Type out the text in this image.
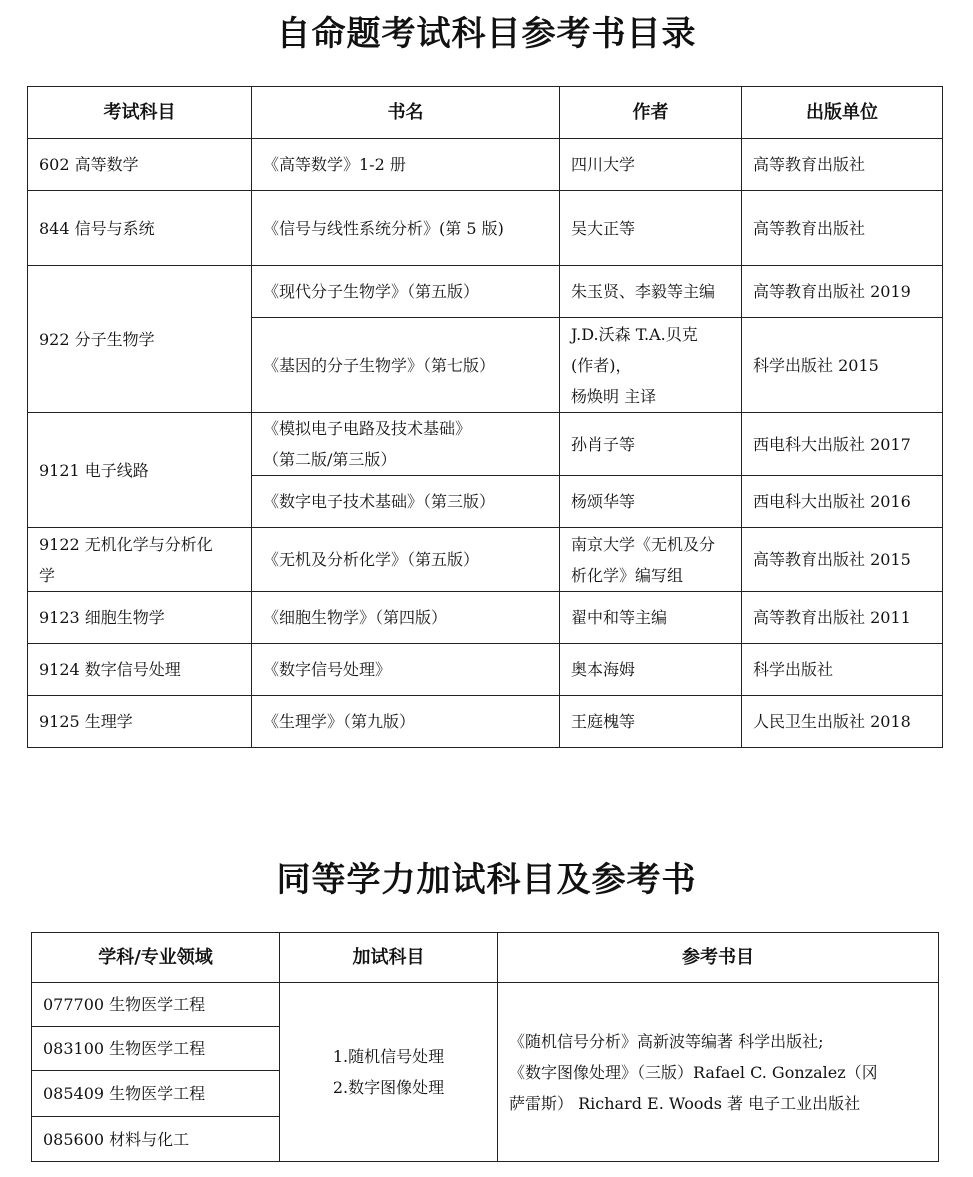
自命题考试科目参考书目录
考试科目	书名	作者	出版单位
602 高等数学	《高等数学》1-2 册	四川大学	高等教育出版社
844 信号与系统	《信号与线性系统分析》(第 5 版)	吴大正等	高等教育出版社
922 分子生物学	《现代分子生物学》（第五版）	朱玉贤、李毅等主编	高等教育出版社 2019
	《基因的分子生物学》（第七版）	J.D.沃森 T.A.贝克
(作者)，
杨焕明 主译	科学出版社 2015
9121 电子线路	《模拟电子电路及技术基础》
（第二版/第三版）	孙肖子等	西电科大出版社 2017
	《数字电子技术基础》（第三版）	杨颂华等	西电科大出版社 2016
9122 无机化学与分析化
学	《无机及分析化学》（第五版）	南京大学《无机及分
析化学》编写组	高等教育出版社 2015
9123 细胞生物学	《细胞生物学》（第四版）	翟中和等主编	高等教育出版社 2011
9124 数字信号处理	《数字信号处理》	奥本海姆	科学出版社
9125 生理学	《生理学》（第九版）	王庭槐等	人民卫生出版社 2018
同等学力加试科目及参考书
学科/专业领域	加试科目	参考书目
077700 生物医学工程	1.随机信号处理
2.数字图像处理	《随机信号分析》高新波等编著 科学出版社;
《数字图像处理》（三版）Rafael C. Gonzalez（冈
萨雷斯） Richard E. Woods 著 电子工业出版社
083100 生物医学工程		
085409 生物医学工程		
085600 材料与化工		
